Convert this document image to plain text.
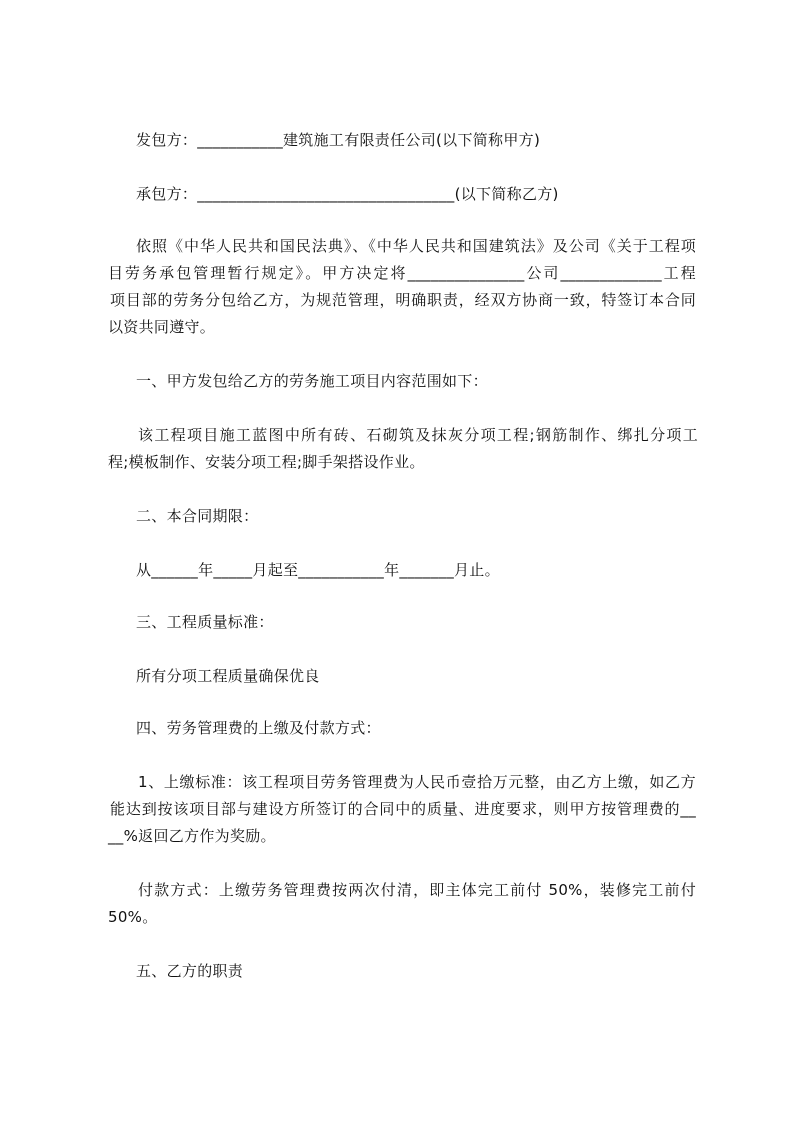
发包方：___________建筑施工有限责任公司(以下简称甲方)
承包方：_________________________________(以下简称乙方)
依照《中华人民共和国民法典》、《中华人民共和国建筑法》及公司《关于工程项
目劳务承包管理暂行规定》。甲方决定将_______________公司_____________工程
项目部的劳务分包给乙方，为规范管理，明确职责，经双方协商一致，特签订本合同
以资共同遵守。
一、甲方发包给乙方的劳务施工项目内容范围如下：
该工程项目施工蓝图中所有砖、石砌筑及抹灰分项工程;钢筋制作、绑扎分项工
程;模板制作、安装分项工程;脚手架搭设作业。
二、本合同期限：
从______年_____月起至___________年_______月止。
三、工程质量标准：
所有分项工程质量确保优良
四、劳务管理费的上缴及付款方式：
1、上缴标准：该工程项目劳务管理费为人民币壹拾万元整，由乙方上缴，如乙方
能达到按该项目部与建设方所签订的合同中的质量、进度要求，则甲方按管理费的__
__%返回乙方作为奖励。
付款方式：上缴劳务管理费按两次付清，即主体完工前付 50%，装修完工前付
50%。
五、乙方的职责
